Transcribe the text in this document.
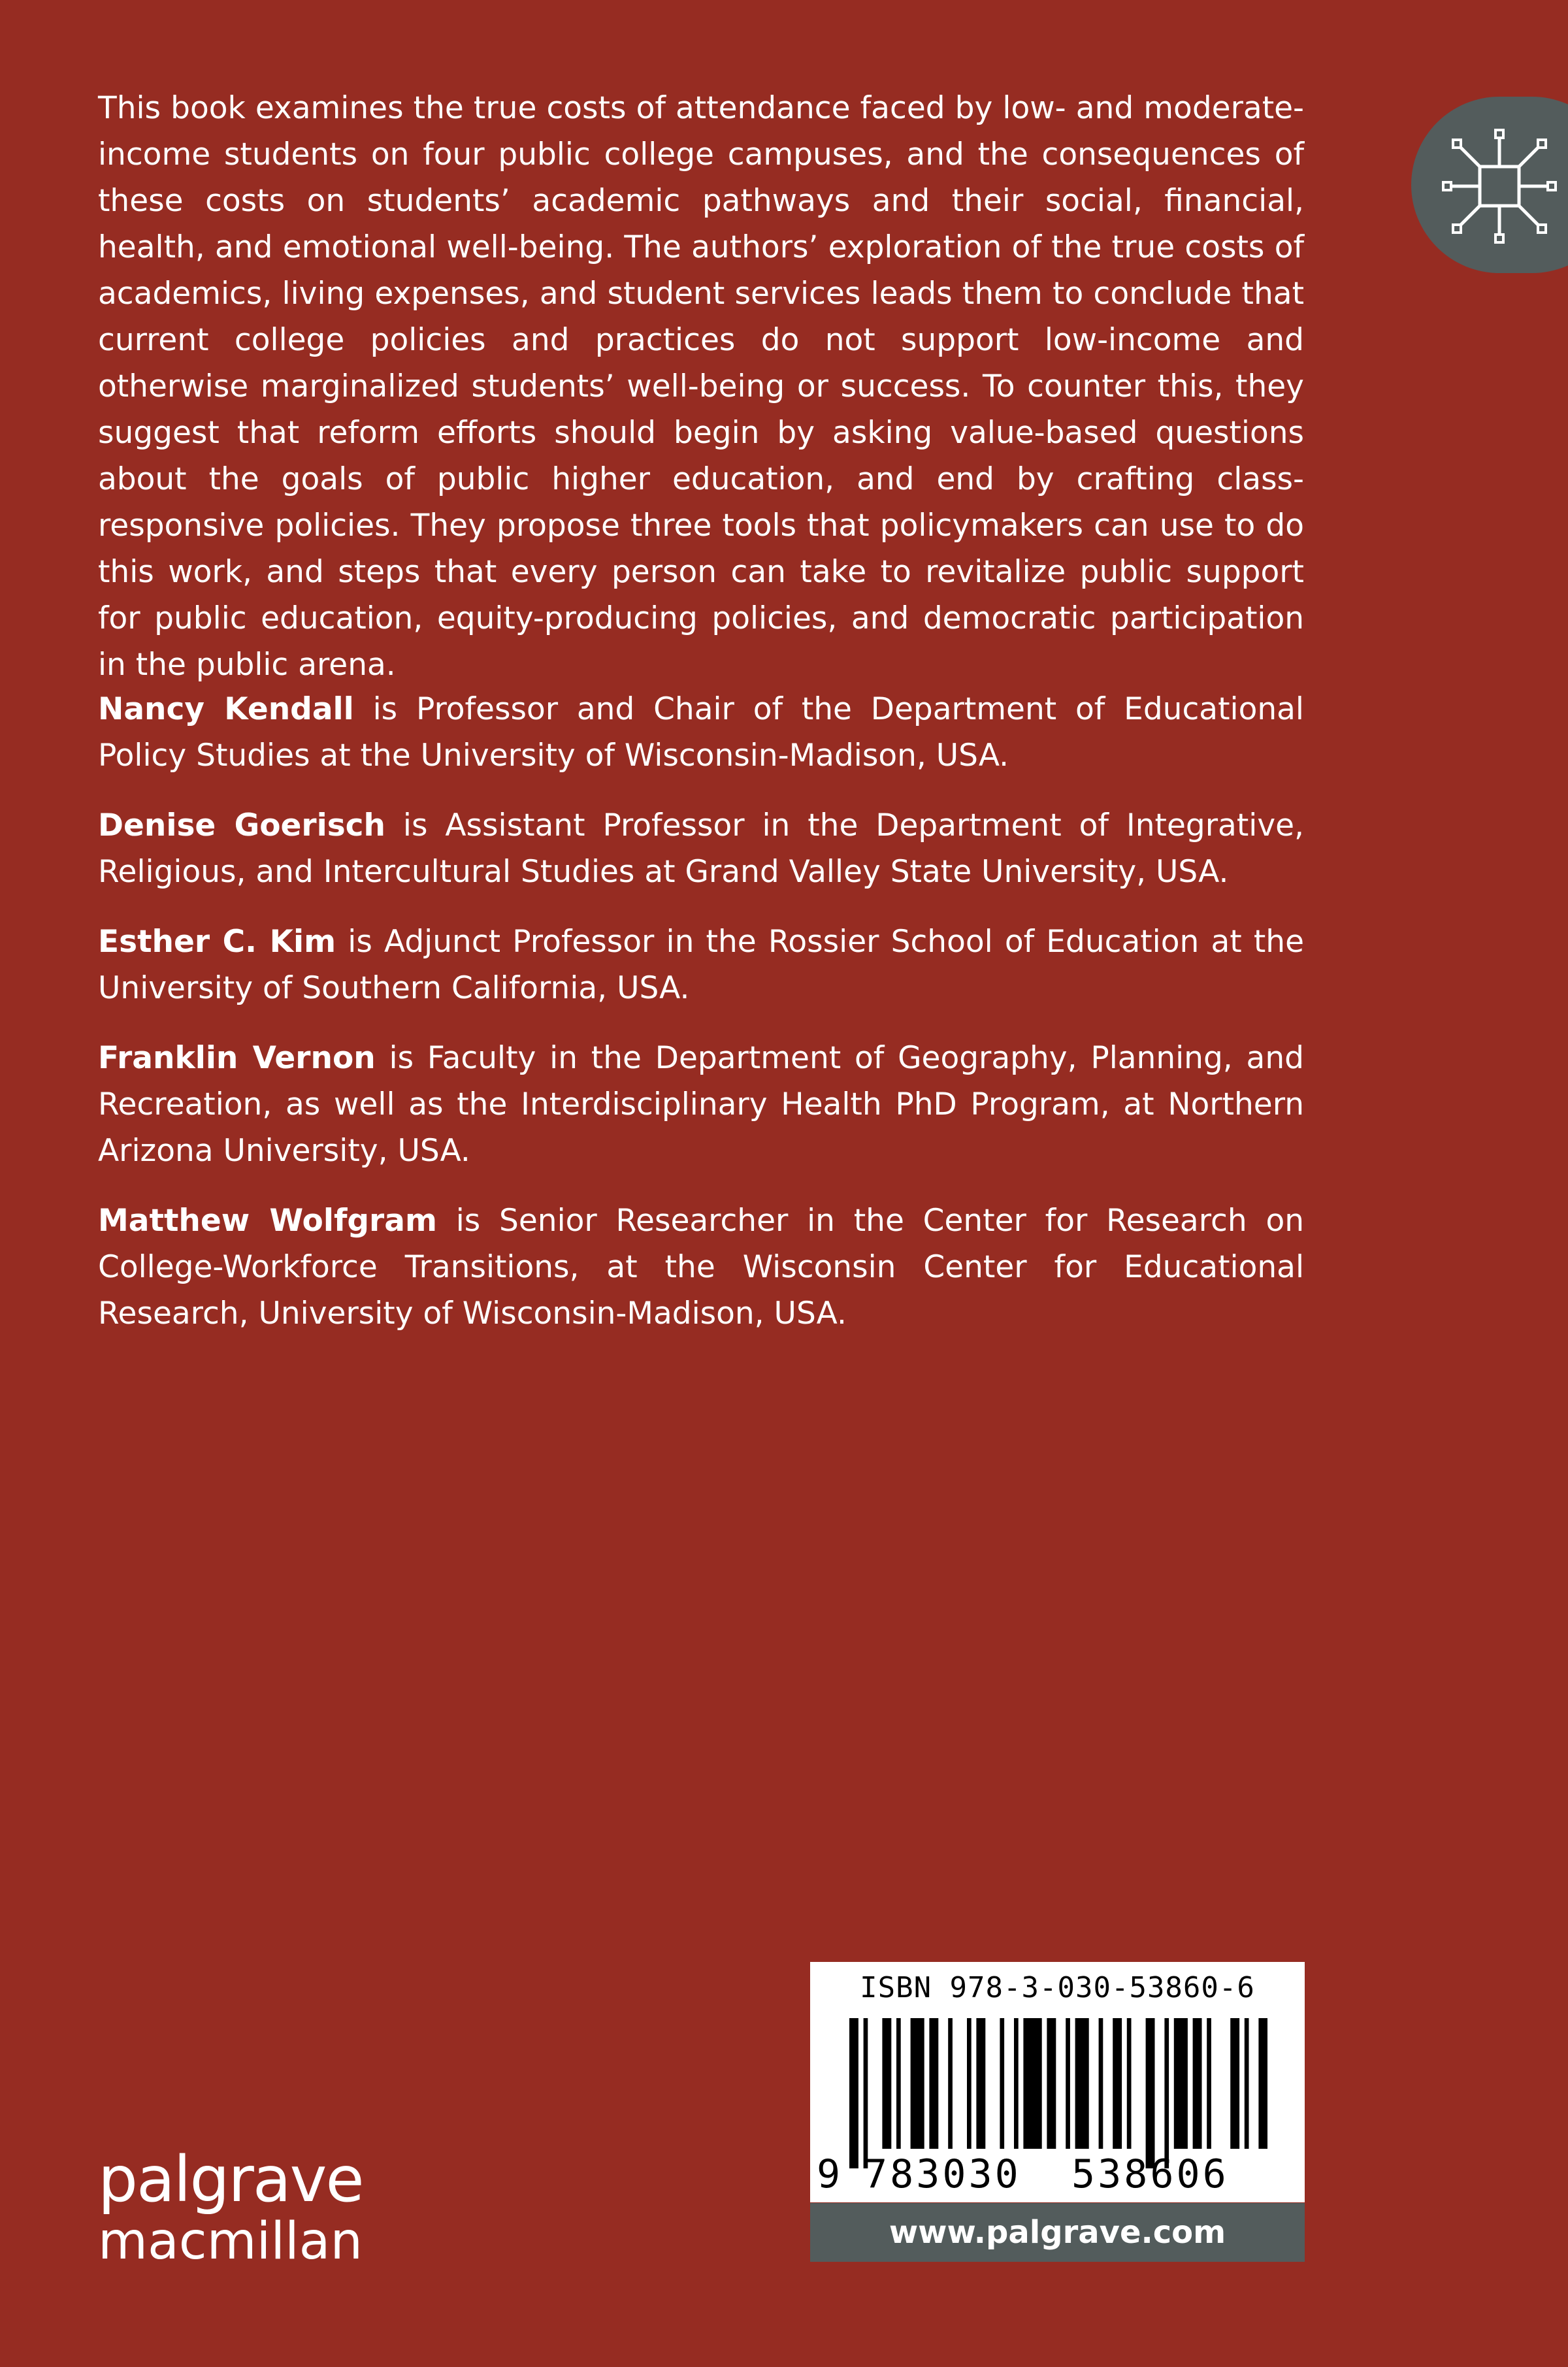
This book examines the true costs of attendance faced by low- and moderate-income students on four public college campuses, and the consequences of these costs on students’ academic pathways and their social, financial, health, and emotional well-being. The authors’ exploration of the true costs of academics, living expenses, and student services leads them to conclude that current college policies and practices do not support low-income and otherwise marginalized students’ well-being or success. To counter this, they suggest that reform efforts should begin by asking value-based questions about the goals of public higher education, and end by crafting class-responsive policies. They propose three tools that policymakers can use to do this work, and steps that every person can take to revitalize public support for public education, equity-producing policies, and democratic participation in the public arena.

Nancy Kendall is Professor and Chair of the Department of Educational Policy Studies at the University of Wisconsin-Madison, USA.

Denise Goerisch is Assistant Professor in the Department of Integrative, Religious, and Intercultural Studies at Grand Valley State University, USA.

Esther C. Kim is Adjunct Professor in the Rossier School of Education at the University of Southern California, USA.

Franklin Vernon is Faculty in the Department of Geography, Planning, and Recreation, as well as the Interdisciplinary Health PhD Program, at Northern Arizona University, USA.

Matthew Wolfgram is Senior Researcher in the Center for Research on College-Workforce Transitions, at the Wisconsin Center for Educational Research, University of Wisconsin-Madison, USA.

palgrave
macmillan
ISBN 978-3-030-53860-6
9 783030 538606
www.palgrave.com
